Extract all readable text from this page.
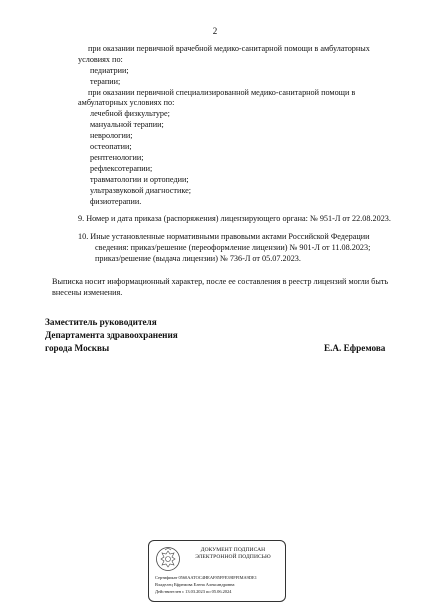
2
при оказании первичной врачебной медико-санитарной помощи в амбулаторных
условиях по:
педиатрии;
терапии;
при оказании первичной специализированной медико-санитарной помощи в
амбулаторных условиях по:
лечебной физкультуре;
мануальной терапии;
неврологии;
остеопатии;
рентгенологии;
рефлексотерапии;
травматологии и ортопедии;
ультразвуковой диагностике;
физиотерапии.
9. Номер и дата приказа (распоряжения) лицензирующего органа: № 951-Л от 22.08.2023.
10. Иные установленные нормативными правовыми актами Российской Федерации
сведения: приказ/решение (переоформление лицензии) № 901-Л от 11.08.2023;
приказ/решение (выдача лицензии) № 736-Л от 05.07.2023.
Выписка носит информационный характер, после ее составления в реестр лицензий могли быть
внесены изменения.
Заместитель руководителя
Департамента здравоохранения
города Москвы	Е.А. Ефремова
ДОКУМЕНТ ПОДПИСАН
ЭЛЕКТРОННОЙ ПОДПИСЬЮ
Сертификат 0560AATOC4HEAF85FFE39IFFIMA9DE1
Владелец Ефремова Елена Александровна
Действителен с 13.03.2023 по 05.06.2024
